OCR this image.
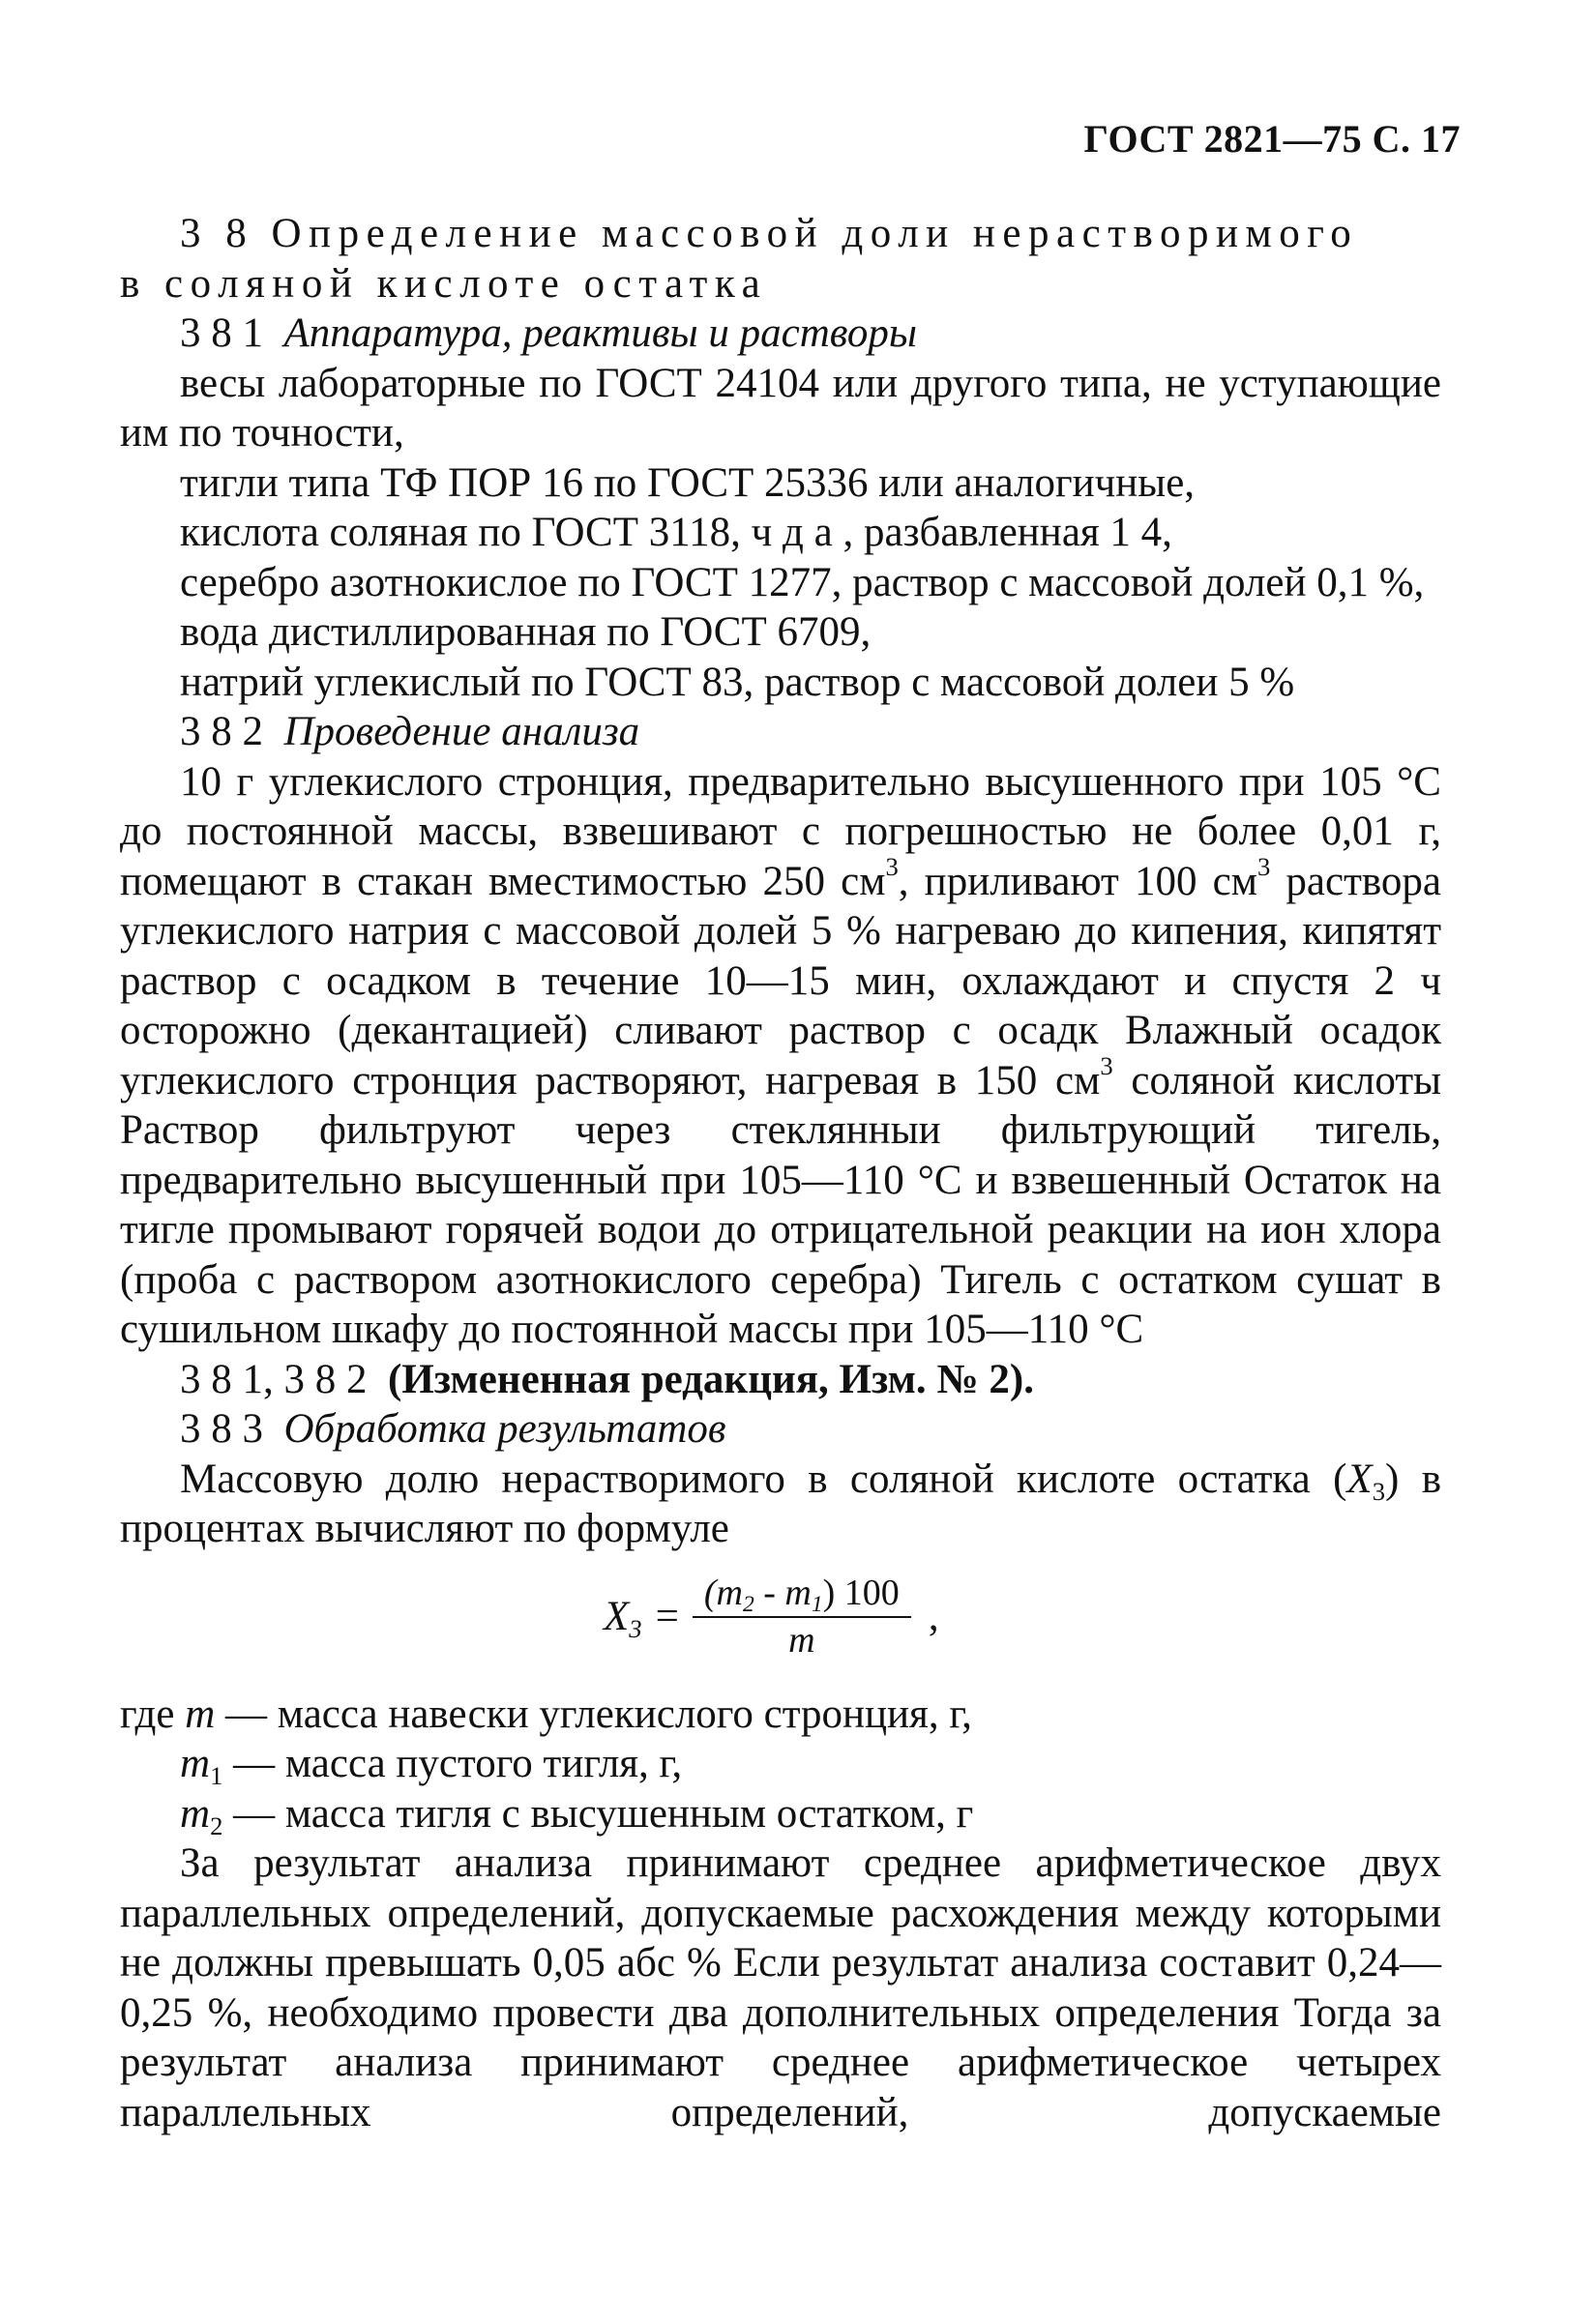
ГОСТ 2821—75 С. 17

3 8 Определение массовой доли нерастворимого
в соляной кислоте остатка

3 8 1 Аппаратура, реактивы и растворы

весы лабораторные по ГОСТ 24104 или другого типа, не уступающие им по точности,

тигли типа ТФ ПОР 16 по ГОСТ 25336 или аналогичные,

кислота соляная по ГОСТ 3118, ч д а , разбавленная 1 4,

серебро азотнокислое по ГОСТ 1277, раствор с массовой долей 0,1 %,

вода дистиллированная по ГОСТ 6709,

натрий углекислый по ГОСТ 83, раствор с массовой долеи 5 %

3 8 2 Проведение анализа

10 г углекислого стронция, предварительно высушенного при 105 °С до постоянной массы, взвешивают с погрешностью не более 0,01 г, помещают в стакан вместимостью 250 $см^3$, приливают 100 $см^3$ раствора углекислого натрия с массовой долей 5 % нагреваю до кипения, кипятят раствор с осадком в течение 10—15 мин, охлаждают и спустя 2 ч осторожно (декантацией) сливают раствор с осадк Влажный осадок углекислого стронция растворяют, нагревая в 150 $см^3$ соляной кислоты Раствор фильтруют через стеклянныи фильтрующий тигель, предварительно высушенный при 105—110 °С и взвешенный Остаток на тигле промывают горячей водои до отрицательной реакции на ион хлора (проба с раствором азотнокислого серебра) Тигель с остатком сушат в сушильном шкафу до постоянной массы при 105—110 °С

3 8 1, 3 8 2 (Измененная редакция, Изм. № 2).

3 8 3 Обработка результатов

Массовую долю нерастворимого в соляной кислоте остатка $(X_3)$ в процентах вычисляют по формуле

$X_3 = \frac{(m_2 - m_1) 100}{m}$ ,

где m — масса навески углекислого стронция, г,

$m_1$ — масса пустого тигля, г,

$m_2$ — масса тигля с высушенным остатком, г

За результат анализа принимают среднее арифметическое двух параллельных определений, допускаемые расхождения между которыми не должны превышать 0,05 абс % Если результат анализа составит 0,24—0,25 %, необходимо провести два дополнительных определения Тогда за результат анализа принимают среднее арифметическое четырех параллельных определений, допускаемые
